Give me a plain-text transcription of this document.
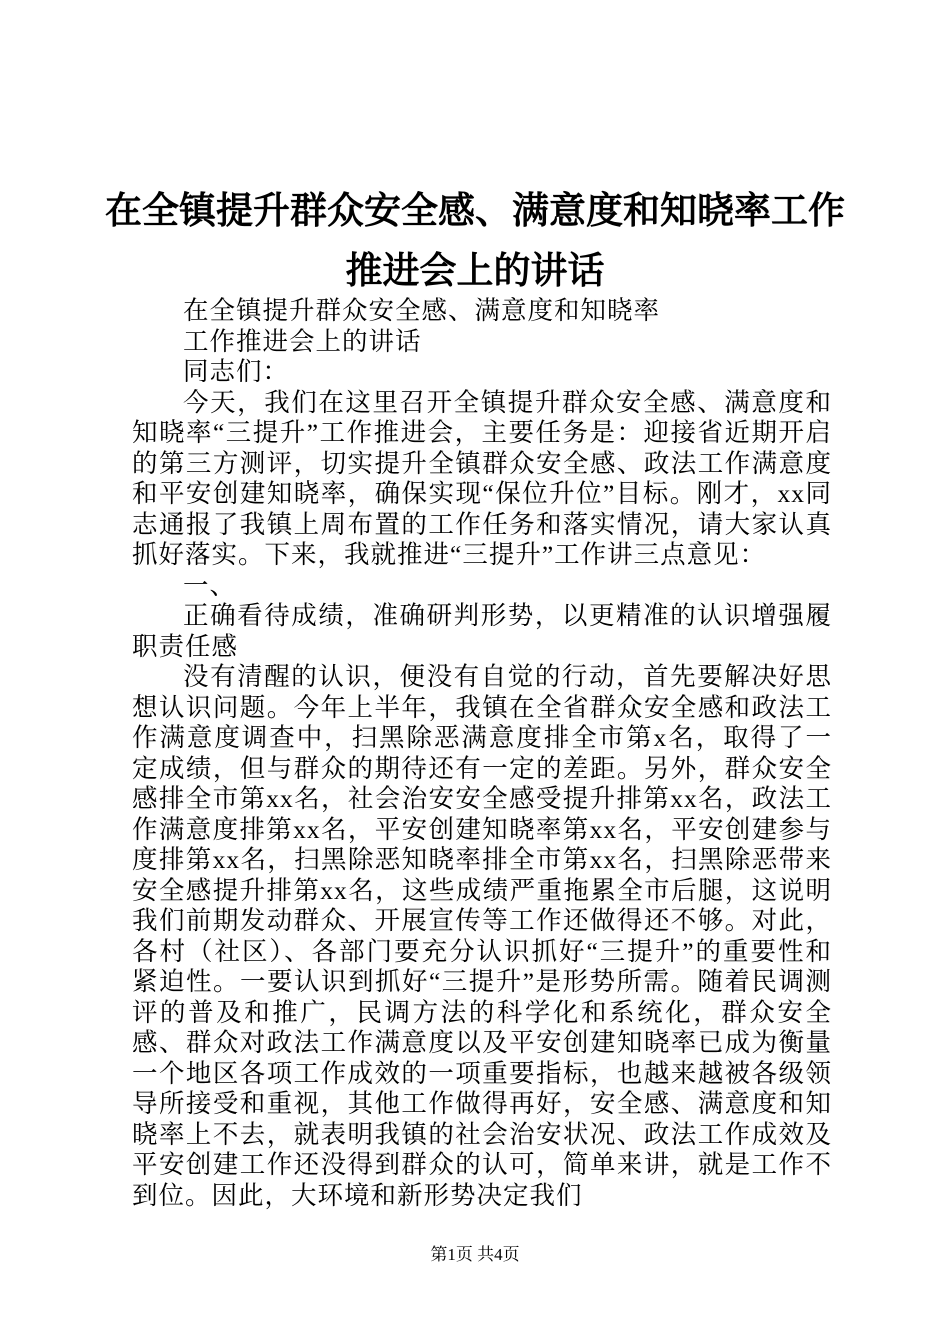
在全镇提升群众安全感、满意度和知晓率工作
推进会上的讲话

在全镇提升群众安全感、满意度和知晓率

工作推进会上的讲话

同志们：

今天，我们在这里召开全镇提升群众安全感、满意度和知晓率“三提升”工作推进会，主要任务是：迎接省近期开启的第三方测评，切实提升全镇群众安全感、政法工作满意度和平安创建知晓率，确保实现“保位升位”目标。刚才，xx同志通报了我镇上周布置的工作任务和落实情况，请大家认真抓好落实。下来，我就推进“三提升”工作讲三点意见：

一、

正确看待成绩，准确研判形势，以更精准的认识增强履职责任感

没有清醒的认识，便没有自觉的行动，首先要解决好思想认识问题。今年上半年，我镇在全省群众安全感和政法工作满意度调查中，扫黑除恶满意度排全市第x名，取得了一定成绩，但与群众的期待还有一定的差距。另外，群众安全感排全市第xx名，社会治安安全感受提升排第xx名，政法工作满意度排第xx名，平安创建知晓率第xx名，平安创建参与度排第xx名，扫黑除恶知晓率排全市第xx名，扫黑除恶带来安全感提升排第xx名，这些成绩严重拖累全市后腿，这说明我们前期发动群众、开展宣传等工作还做得还不够。对此，各村（社区）、各部门要充分认识抓好“三提升”的重要性和紧迫性。一要认识到抓好“三提升”是形势所需。随着民调测评的普及和推广，民调方法的科学化和系统化，群众安全感、群众对政法工作满意度以及平安创建知晓率已成为衡量一个地区各项工作成效的一项重要指标，也越来越被各级领导所接受和重视，其他工作做得再好，安全感、满意度和知晓率上不去，就表明我镇的社会治安状况、政法工作成效及平安创建工作还没得到群众的认可，简单来讲，就是工作不到位。因此，大环境和新形势决定我们

第1页 共4页
